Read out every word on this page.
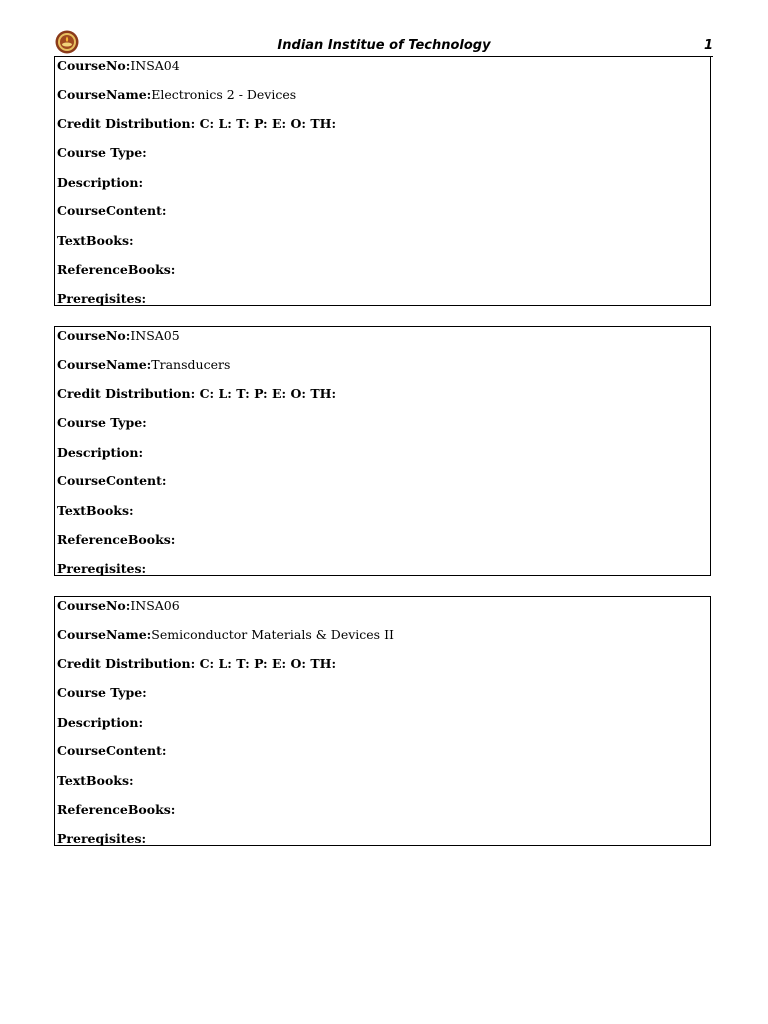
Indian Institue of Technology	1
CourseNo:INSA04
CourseName:Electronics 2 - Devices
Credit Distribution: C: L: T: P: E: O: TH:
Course Type:
Description:
CourseContent:
TextBooks:
ReferenceBooks:
Prereqisites:
CourseNo:INSA05
CourseName:Transducers
Credit Distribution: C: L: T: P: E: O: TH:
Course Type:
Description:
CourseContent:
TextBooks:
ReferenceBooks:
Prereqisites:
CourseNo:INSA06
CourseName:Semiconductor Materials & Devices II
Credit Distribution: C: L: T: P: E: O: TH:
Course Type:
Description:
CourseContent:
TextBooks:
ReferenceBooks:
Prereqisites:
